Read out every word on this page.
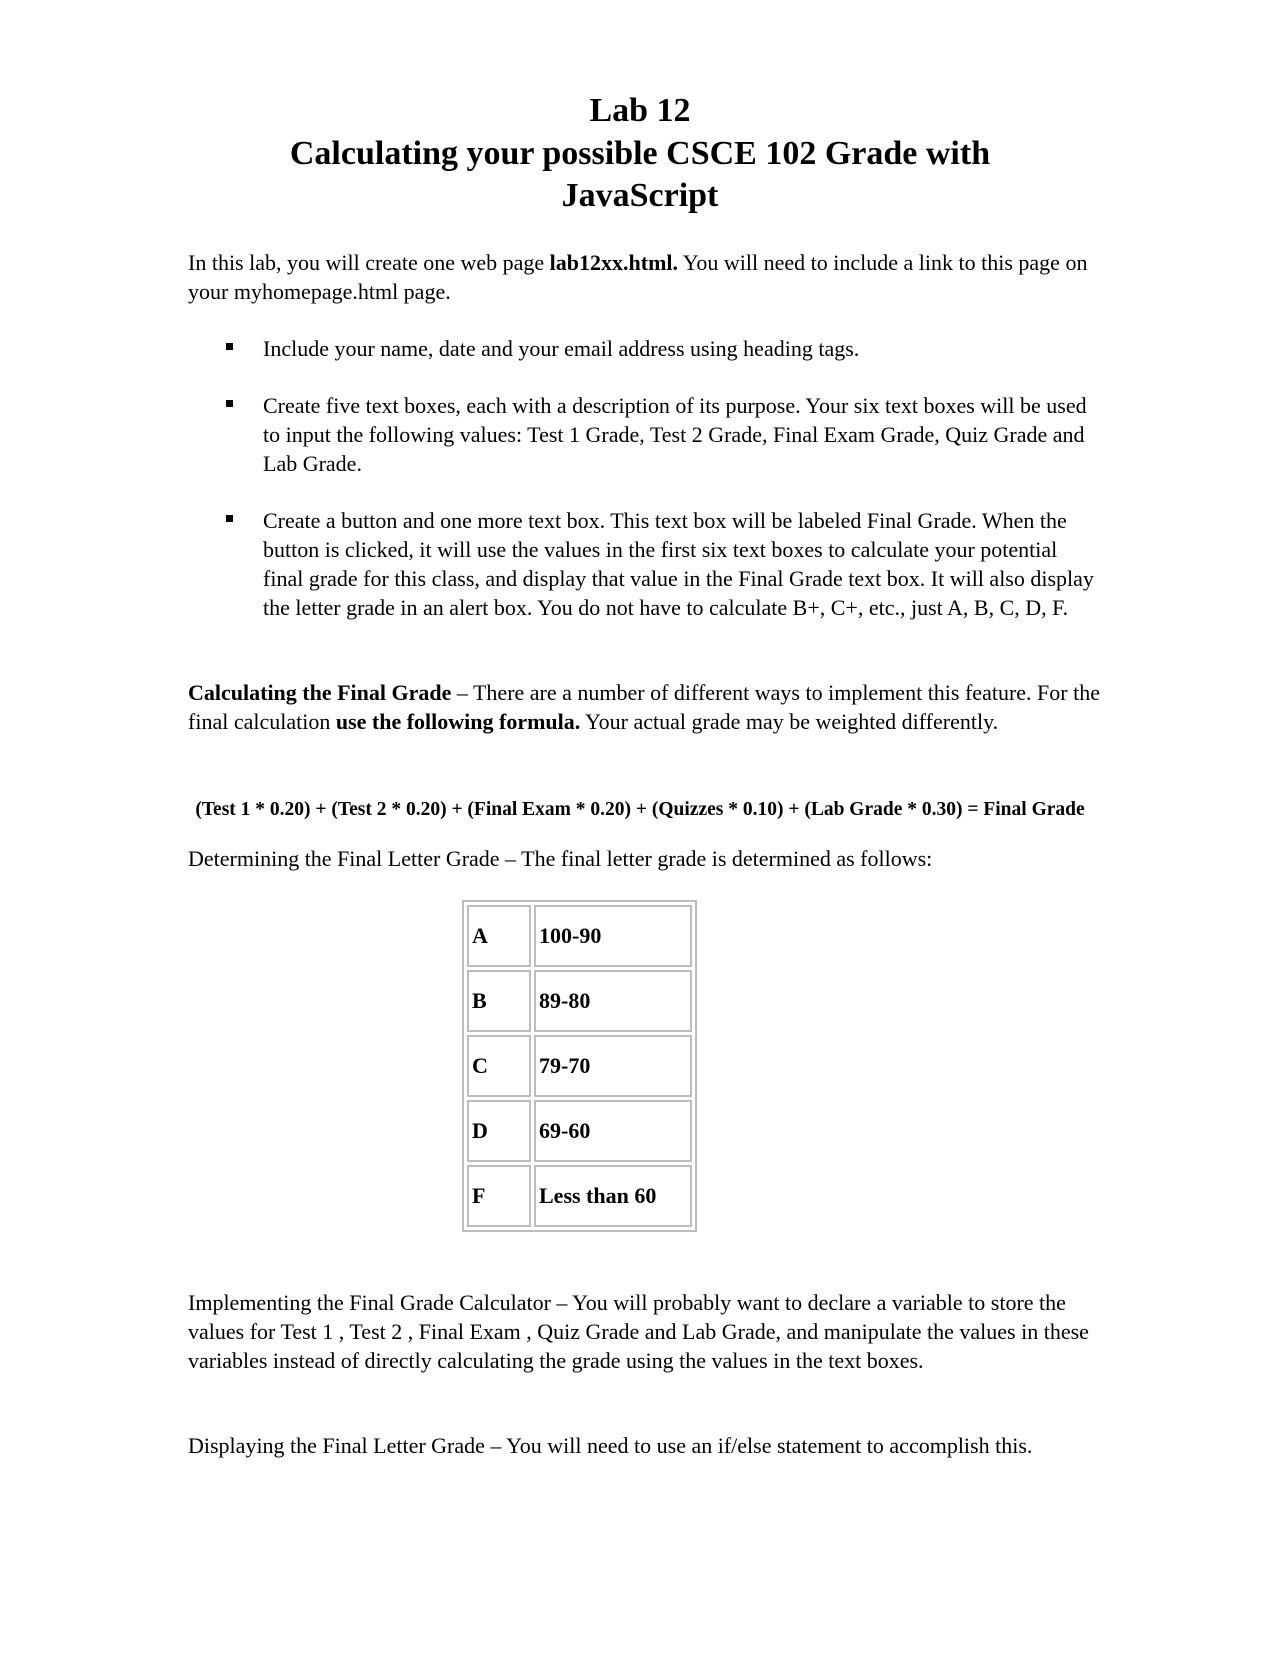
Lab 12
Calculating your possible CSCE 102 Grade with
JavaScript

In this lab, you will create one web page lab12xx.html. You will need to include a link to this page on your myhomepage.html page.

Include your name, date and your email address using heading tags.

Create five text boxes, each with a description of its purpose. Your six text boxes will be used to input the following values: Test 1 Grade, Test 2 Grade, Final Exam Grade, Quiz Grade and Lab Grade.

Create a button and one more text box. This text box will be labeled Final Grade. When the button is clicked, it will use the values in the first six text boxes to calculate your potential final grade for this class, and display that value in the Final Grade text box. It will also display the letter grade in an alert box. You do not have to calculate B+, C+, etc., just A, B, C, D, F.

Calculating the Final Grade – There are a number of different ways to implement this feature. For the final calculation use the following formula. Your actual grade may be weighted differently.

(Test 1 * 0.20) + (Test 2 * 0.20) + (Final Exam * 0.20) + (Quizzes * 0.10) + (Lab Grade * 0.30) = Final Grade

Determining the Final Letter Grade – The final letter grade is determined as follows:

A	100-90
B	89-80
C	79-70
D	69-60
F	Less than 60

Implementing the Final Grade Calculator – You will probably want to declare a variable to store the values for Test 1 , Test 2 , Final Exam , Quiz Grade and Lab Grade, and manipulate the values in these variables instead of directly calculating the grade using the values in the text boxes.

Displaying the Final Letter Grade – You will need to use an if/else statement to accomplish this.
